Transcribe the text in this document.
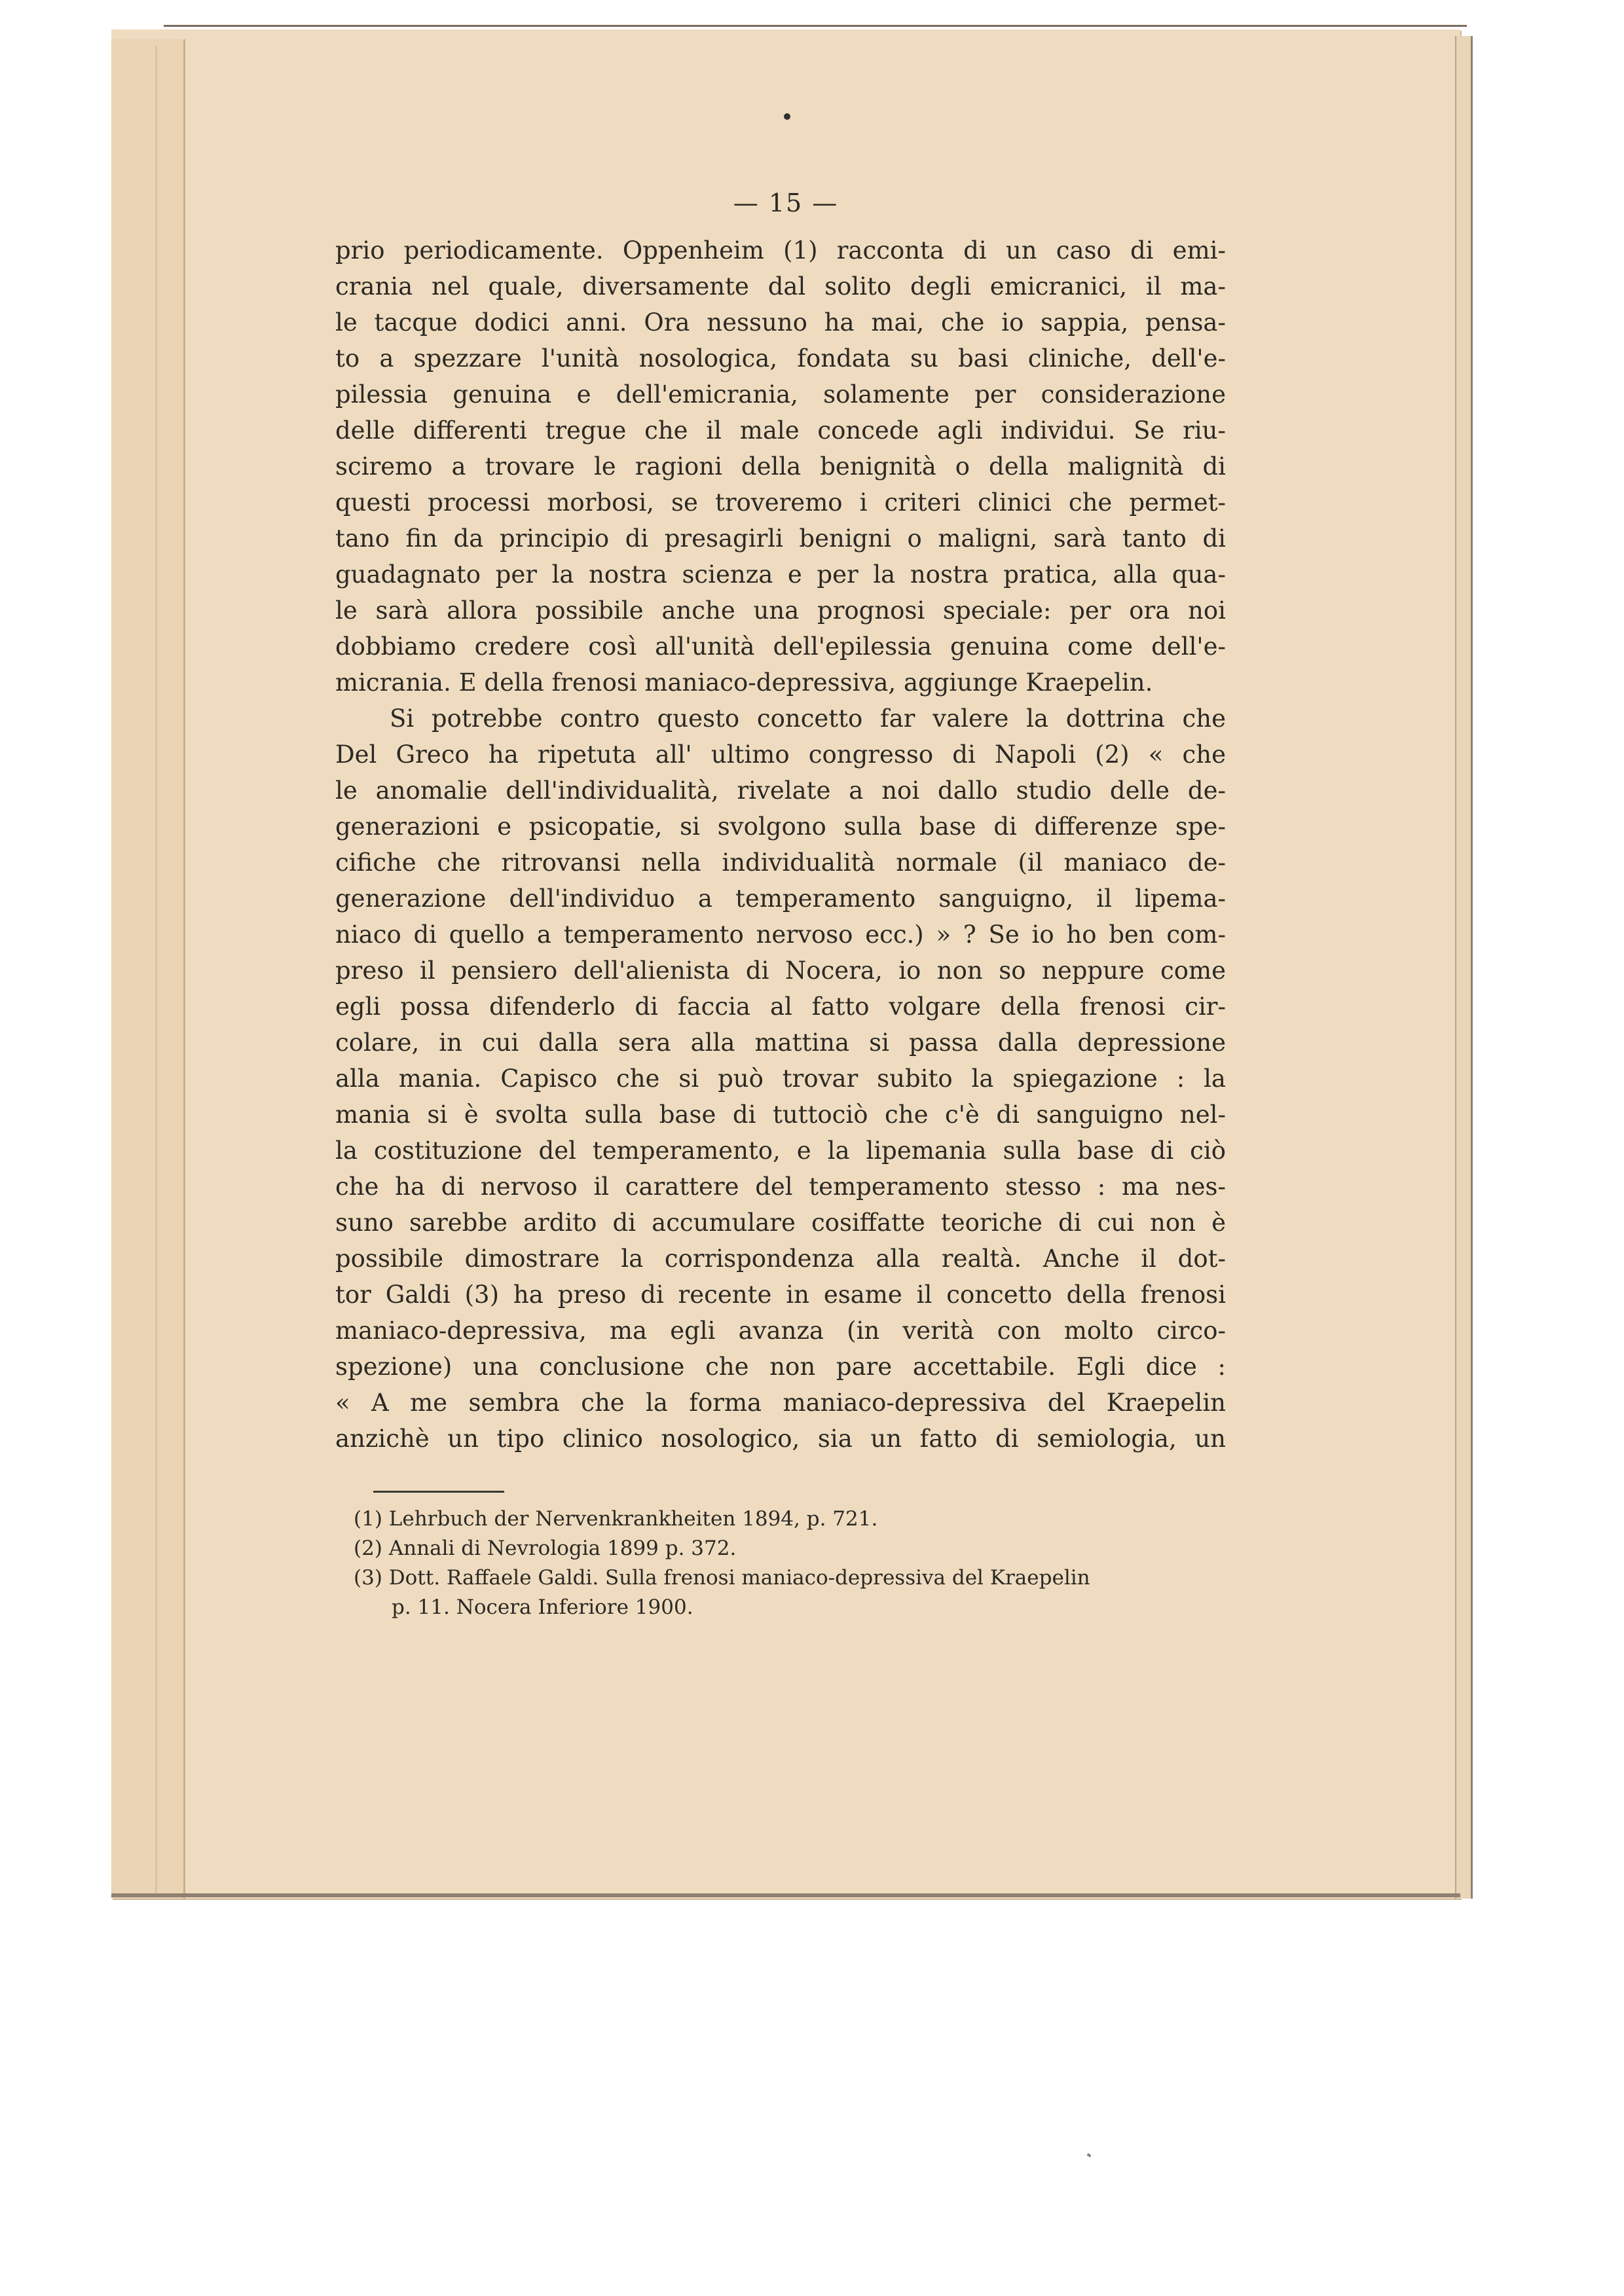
— 15 —
prio periodicamente. Oppenheim (1) racconta di un caso di emi-
crania nel quale, diversamente dal solito degli emicranici, il ma-
le tacque dodici anni. Ora nessuno ha mai, che io sappia, pensa-
to a spezzare l'unità nosologica, fondata su basi cliniche, dell'e-
pilessia genuina e dell'emicrania, solamente per considerazione
delle differenti tregue che il male concede agli individui. Se riu-
sciremo a trovare le ragioni della benignità o della malignità di
questi processi morbosi, se troveremo i criteri clinici che permet-
tano fin da principio di presagirli benigni o maligni, sarà tanto di
guadagnato per la nostra scienza e per la nostra pratica, alla qua-
le sarà allora possibile anche una prognosi speciale: per ora noi
dobbiamo credere così all'unità dell'epilessia genuina come dell'e-
micrania. E della frenosi maniaco-depressiva, aggiunge Kraepelin.
Si potrebbe contro questo concetto far valere la dottrina che
Del Greco ha ripetuta all' ultimo congresso di Napoli (2) « che
le anomalie dell'individualità, rivelate a noi dallo studio delle de-
generazioni e psicopatie, si svolgono sulla base di differenze spe-
cifiche che ritrovansi nella individualità normale (il maniaco de-
generazione dell'individuo a temperamento sanguigno, il lipema-
niaco di quello a temperamento nervoso ecc.) » ? Se io ho ben com-
preso il pensiero dell'alienista di Nocera, io non so neppure come
egli possa difenderlo di faccia al fatto volgare della frenosi cir-
colare, in cui dalla sera alla mattina si passa dalla depressione
alla mania. Capisco che si può trovar subito la spiegazione : la
mania si è svolta sulla base di tuttociò che c'è di sanguigno nel-
la costituzione del temperamento, e la lipemania sulla base di ciò
che ha di nervoso il carattere del temperamento stesso : ma nes-
suno sarebbe ardito di accumulare cosiffatte teoriche di cui non è
possibile dimostrare la corrispondenza alla realtà. Anche il dot-
tor Galdi (3) ha preso di recente in esame il concetto della frenosi
maniaco-depressiva, ma egli avanza (in verità con molto circo-
spezione) una conclusione che non pare accettabile. Egli dice :
« A me sembra che la forma maniaco-depressiva del Kraepelin
anzichè un tipo clinico nosologico, sia un fatto di semiologia, un
(1) Lehrbuch der Nervenkrankheiten 1894, p. 721.
(2) Annali di Nevrologia 1899 p. 372.
(3) Dott. Raffaele Galdi. Sulla frenosi maniaco-depressiva del Kraepelin
p. 11. Nocera Inferiore 1900.
